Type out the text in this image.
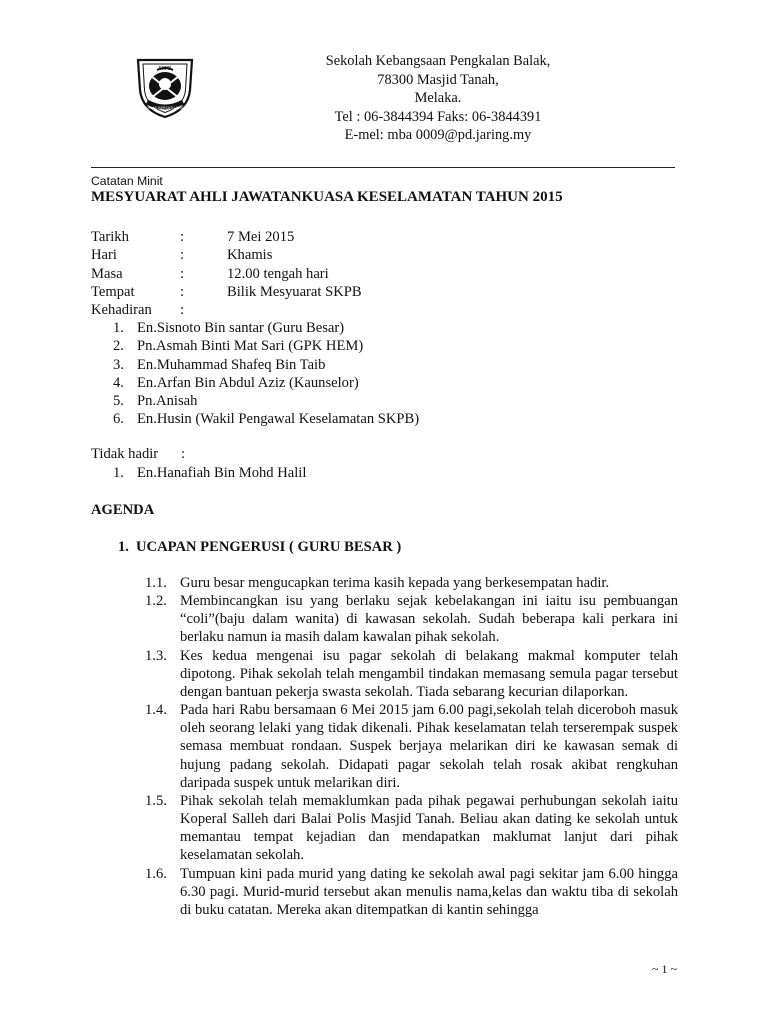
SKPB
IKHLAS BERSATU JUJUR
Sekolah Kebangsaan Pengkalan Balak,
78300 Masjid Tanah,
Melaka.
Tel : 06-3844394 Faks: 06-3844391
E-mel: mba 0009@pd.jaring.my
Catatan Minit
MESYUARAT AHLI JAWATANKUASA KESELAMATAN TAHUN 2015
Tarikh	:	7 Mei 2015
Hari	:	Khamis
Masa	:	12.00 tengah hari
Tempat	:	Bilik Mesyuarat SKPB
Kehadiran :
1. En.Sisnoto Bin santar (Guru Besar)
2. Pn.Asmah Binti Mat Sari (GPK HEM)
3. En.Muhammad Shafeq Bin Taib
4. En.Arfan Bin Abdul Aziz (Kaunselor)
5. Pn.Anisah
6. En.Husin (Wakil Pengawal Keselamatan SKPB)
Tidak hadir :
1. En.Hanafiah Bin Mohd Halil
AGENDA
1. UCAPAN PENGERUSI ( GURU BESAR )
1.1. Guru besar mengucapkan terima kasih kepada yang berkesempatan hadir.
1.2. Membincangkan isu yang berlaku sejak kebelakangan ini iaitu isu pembuangan “coli”(baju dalam wanita) di kawasan sekolah. Sudah beberapa kali perkara ini berlaku namun ia masih dalam kawalan pihak sekolah.
1.3. Kes kedua mengenai isu pagar sekolah di belakang makmal komputer telah dipotong. Pihak sekolah telah mengambil tindakan memasang semula pagar tersebut dengan bantuan pekerja swasta sekolah. Tiada sebarang kecurian dilaporkan.
1.4. Pada hari Rabu bersamaan 6 Mei 2015 jam 6.00 pagi,sekolah telah diceroboh masuk oleh seorang lelaki yang tidak dikenali. Pihak keselamatan telah terserempak suspek semasa membuat rondaan. Suspek berjaya melarikan diri ke kawasan semak di hujung padang sekolah. Didapati pagar sekolah telah rosak akibat rengkuhan daripada suspek untuk melarikan diri.
1.5. Pihak sekolah telah memaklumkan pada pihak pegawai perhubungan sekolah iaitu Koperal Salleh dari Balai Polis Masjid Tanah. Beliau akan dating ke sekolah untuk memantau tempat kejadian dan mendapatkan maklumat lanjut dari pihak keselamatan sekolah.
1.6. Tumpuan kini pada murid yang dating ke sekolah awal pagi sekitar jam 6.00 hingga 6.30 pagi. Murid-murid tersebut akan menulis nama,kelas dan waktu tiba di sekolah di buku catatan. Mereka akan ditempatkan di kantin sehingga
~ 1 ~
